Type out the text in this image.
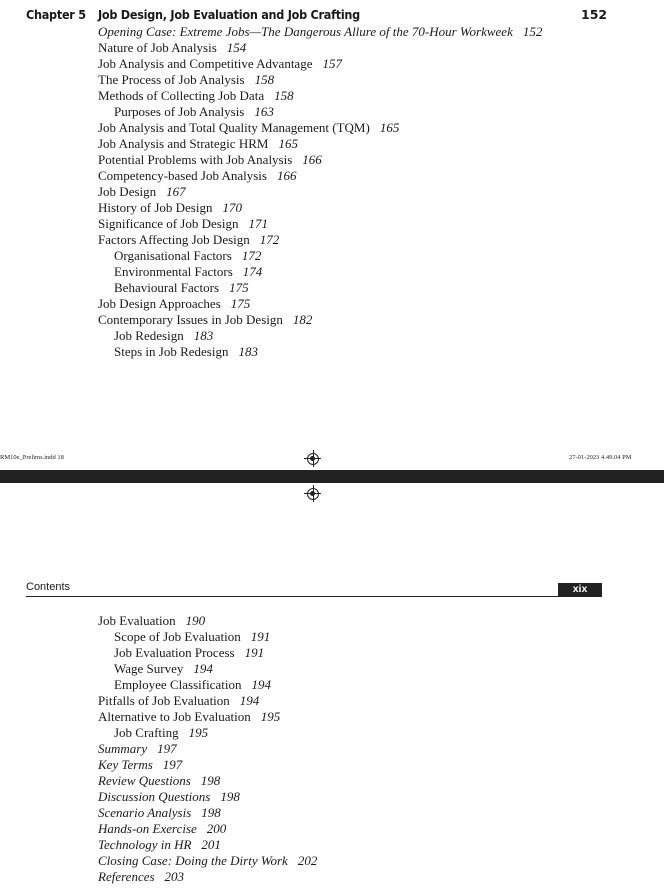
Chapter 5 Job Design, Job Evaluation and Job Crafting	152
Opening Case: Extreme Jobs—The Dangerous Allure of the 70-Hour Workweek 152
Nature of Job Analysis 154
Job Analysis and Competitive Advantage 157
The Process of Job Analysis 158
Methods of Collecting Job Data 158
Purposes of Job Analysis 163
Job Analysis and Total Quality Management (TQM) 165
Job Analysis and Strategic HRM 165
Potential Problems with Job Analysis 166
Competency-based Job Analysis 166
Job Design 167
History of Job Design 170
Significance of Job Design 171
Factors Affecting Job Design 172
Organisational Factors 172
Environmental Factors 174
Behavioural Factors 175
Job Design Approaches 175
Contemporary Issues in Job Design 182
Job Redesign 183
Steps in Job Redesign 183
RM10e_Prelims.indd 18	27-01-2023 4.49.04 PM
Contents	xix
Job Evaluation 190
Scope of Job Evaluation 191
Job Evaluation Process 191
Wage Survey 194
Employee Classification 194
Pitfalls of Job Evaluation 194
Alternative to Job Evaluation 195
Job Crafting 195
Summary 197
Key Terms 197
Review Questions 198
Discussion Questions 198
Scenario Analysis 198
Hands-on Exercise 200
Technology in HR 201
Closing Case: Doing the Dirty Work 202
References 203
